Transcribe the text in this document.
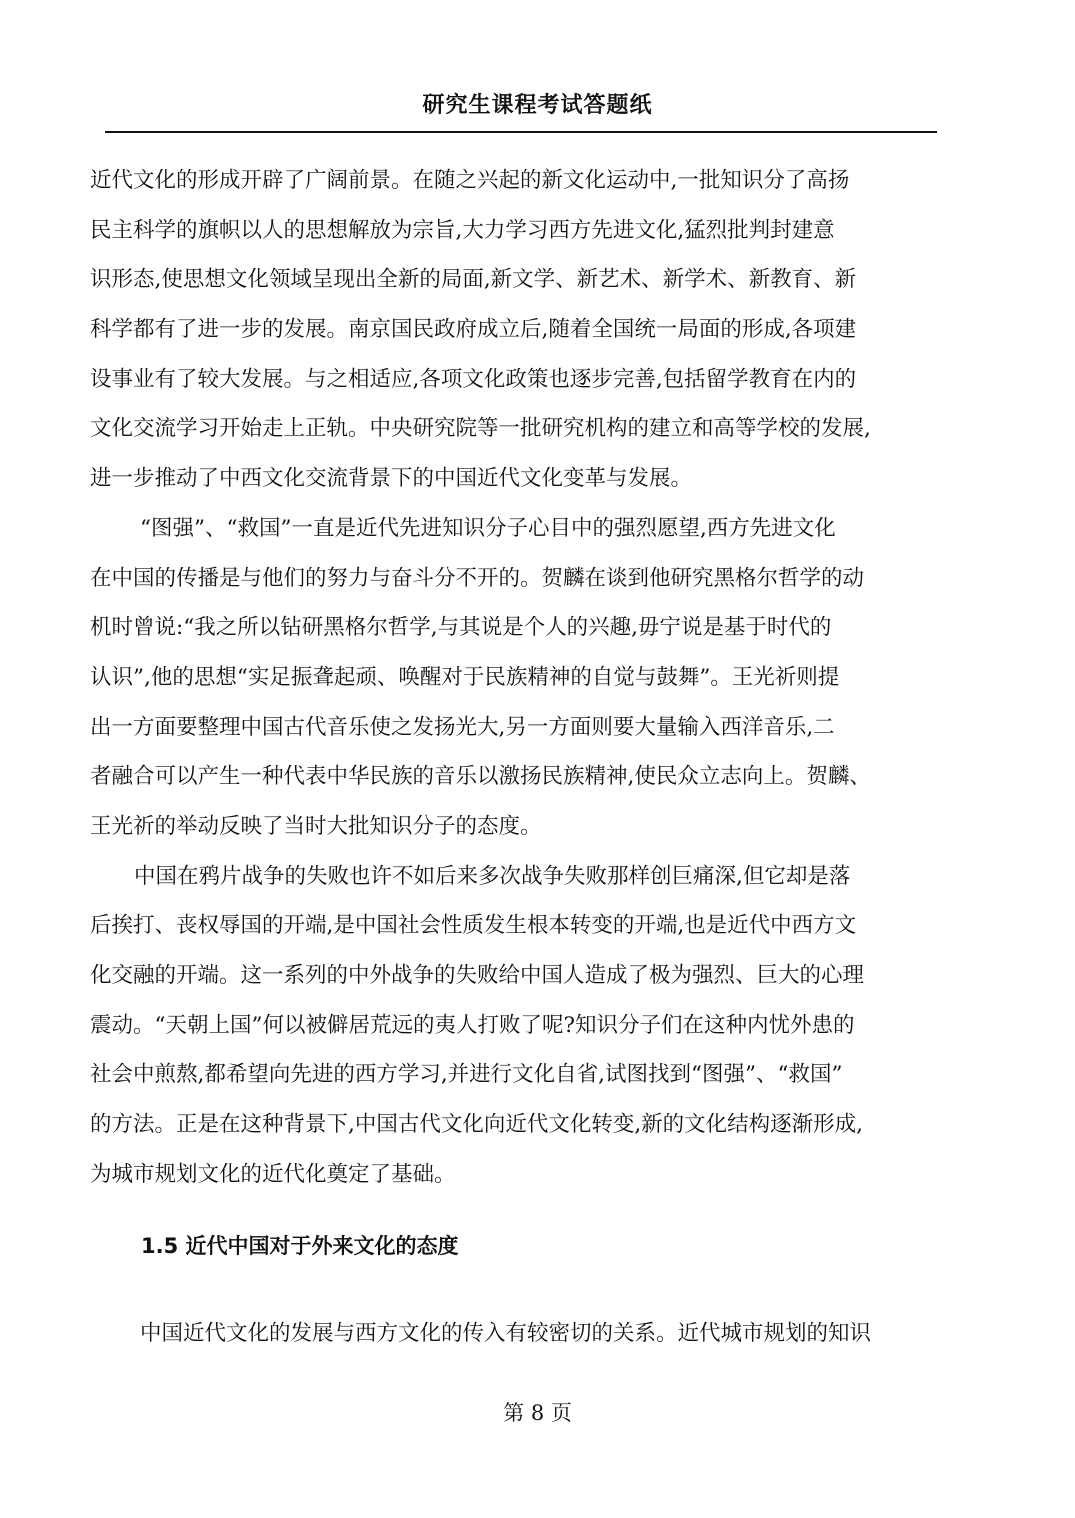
研究生课程考试答题纸
近代文化的形成开辟了广阔前景。在随之兴起的新文化运动中,一批知识分了高扬
民主科学的旗帜以人的思想解放为宗旨,大力学习西方先进文化,猛烈批判封建意
识形态,使思想文化领域呈现出全新的局面,新文学、新艺术、新学术、新教育、新
科学都有了进一步的发展。南京国民政府成立后,随着全国统一局面的形成,各项建
设事业有了较大发展。与之相适应,各项文化政策也逐步完善,包括留学教育在内的
文化交流学习开始走上正轨。中央研究院等一批研究机构的建立和高等学校的发展,
进一步推动了中西文化交流背景下的中国近代文化变革与发展。
“图强”、“救国”一直是近代先进知识分子心目中的强烈愿望,西方先进文化
在中国的传播是与他们的努力与奋斗分不开的。贺麟在谈到他研究黑格尔哲学的动
机时曾说:“我之所以钻研黑格尔哲学,与其说是个人的兴趣,毋宁说是基于时代的
认识”,他的思想“实足振聋起顽、唤醒对于民族精神的自觉与鼓舞”。王光祈则提
出一方面要整理中国古代音乐使之发扬光大,另一方面则要大量输入西洋音乐,二
者融合可以产生一种代表中华民族的音乐以激扬民族精神,使民众立志向上。贺麟、
王光祈的举动反映了当时大批知识分子的态度。
中国在鸦片战争的失败也许不如后来多次战争失败那样创巨痛深,但它却是落
后挨打、丧权辱国的开端,是中国社会性质发生根本转变的开端,也是近代中西方文
化交融的开端。这一系列的中外战争的失败给中国人造成了极为强烈、巨大的心理
震动。“天朝上国”何以被僻居荒远的夷人打败了呢?知识分子们在这种内忧外患的
社会中煎熬,都希望向先进的西方学习,并进行文化自省,试图找到“图强”、“救国”
的方法。正是在这种背景下,中国古代文化向近代文化转变,新的文化结构逐渐形成,
为城市规划文化的近代化奠定了基础。
1.5 近代中国对于外来文化的态度
中国近代文化的发展与西方文化的传入有较密切的关系。近代城市规划的知识
第 8 页
